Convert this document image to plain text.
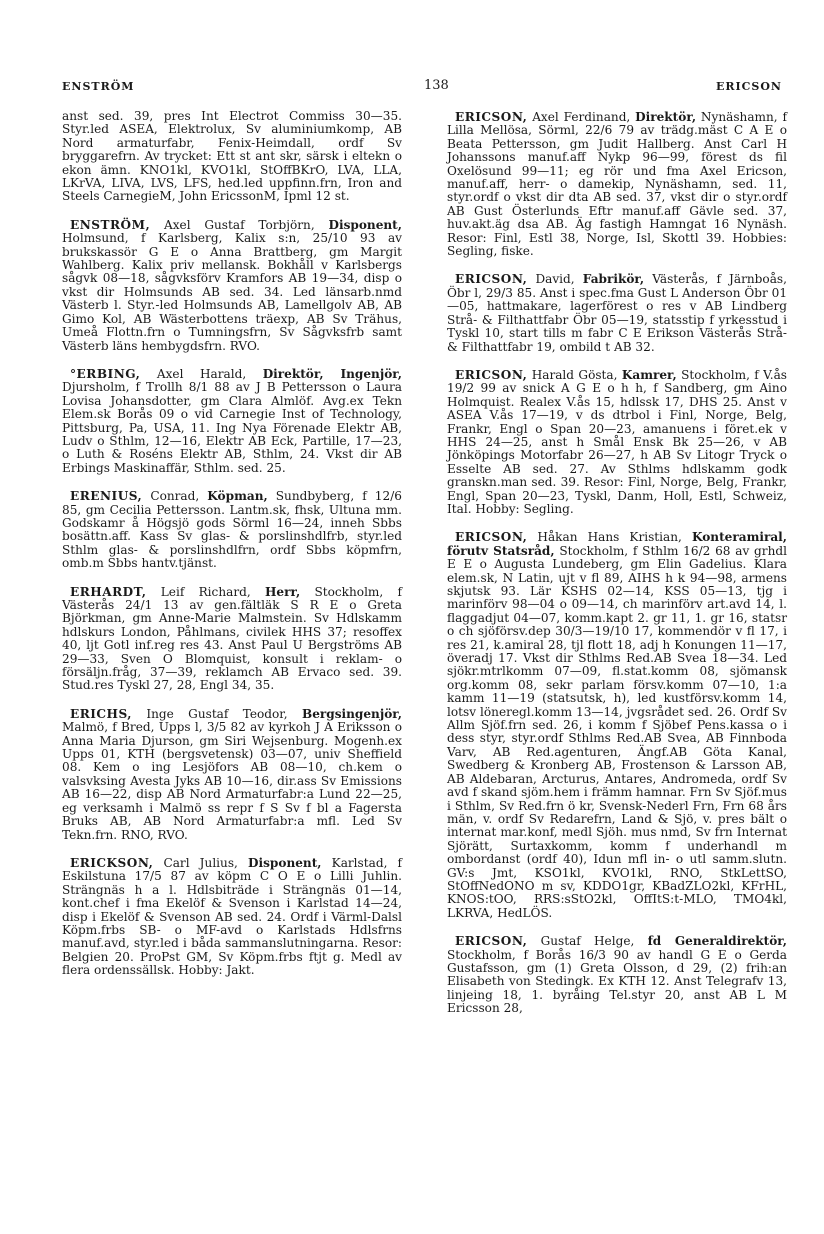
ENSTRÖM	138	ERICSON

anst sed. 39, pres Int Electrot Commiss 30—35. Styr.led ASEA, Elektrolux, Sv aluminiumkomp, AB Nord armaturfabr, Fenix-Heimdall, ordf Sv bryggarefrn. Av trycket: Ett st ant skr, särsk i eltekn o ekon ämn. KNO1kl, KVO1kl, StOffBKrO, LVA, LLA, LKrVA, LIVA, LVS, LFS, hed.led uppfinn.frn, Iron and Steels CarnegieM, John EricssonM, Ipml 12 st.

ENSTRÖM, Axel Gustaf Torbjörn, Disponent, Holmsund, f Karlsberg, Kalix s:n, 25/10 93 av brukskassör G E o Anna Brattberg, gm Margit Wahlberg. Kalix priv mellansk. Bokhåll v Karlsbergs sågvk 08—18, sågvksförv Kramfors AB 19—34, disp o vkst dir Holmsunds AB sed. 34. Led länsarb.nmd Västerb l. Styr.-led Holmsunds AB, Lamellgolv AB, AB Gimo Kol, AB Wästerbottens träexp, AB Sv Trähus, Umeå Flottn.frn o Tumningsfrn, Sv Sågvksfrb samt Västerb läns hembygdsfrn. RVO.

°ERBING, Axel Harald, Direktör, Ingenjör, Djursholm, f Trollh 8/1 88 av J B Pettersson o Laura Lovisa Johansdotter, gm Clara Almlöf. Avg.ex Tekn Elem.sk Borås 09 o vid Carnegie Inst of Technology, Pittsburg, Pa, USA, 11. Ing Nya Förenade Elektr AB, Ludv o Sthlm, 12—16, Elektr AB Eck, Partille, 17—23, o Luth & Roséns Elektr AB, Sthlm, 24. Vkst dir AB Erbings Maskinaffär, Sthlm. sed. 25.

ERENIUS, Conrad, Köpman, Sundbyberg, f 12/6 85, gm Cecilia Pettersson. Lantm.sk, fhsk, Ultuna mm. Godskamr å Högsjö gods Sörml 16—24, inneh Sbbs bosättn.aff. Kass Sv glas- & porslinshdlfrb, styr.led Sthlm glas- & porslinshdlfrn, ordf Sbbs köpmfrn, omb.m Sbbs hantv.tjänst.

ERHARDT, Leif Richard, Herr, Stockholm, f Västerås 24/1 13 av gen.fältläk S R E o Greta Björkman, gm Anne-Marie Malmstein. Sv Hdlskamm hdlskurs London, Påhlmans, civilek HHS 37; resoffex 40, ljt Gotl inf.reg res 43. Anst Paul U Bergströms AB 29—33, Sven O Blomquist, konsult i reklam- o försäljn.fråg, 37—39, reklamch AB Ervaco sed. 39. Stud.res Tyskl 27, 28, Engl 34, 35.

ERICHS, Inge Gustaf Teodor, Bergsingenjör, Malmö, f Bred, Upps l, 3/5 82 av kyrkoh J A Eriksson o Anna Maria Djurson, gm Siri Wejsenburg. Mogenh.ex Upps 01, KTH (bergsvetensk) 03—07, univ Sheffield 08. Kem o ing Lesjöfors AB 08—10, ch.kem o valsvksing Avesta Jyks AB 10—16, dir.ass Sv Emissions AB 16—22, disp AB Nord Armaturfabr:a Lund 22—25, eg verksamh i Malmö ss repr f S Sv f bl a Fagersta Bruks AB, AB Nord Armaturfabr:a mfl. Led Sv Tekn.frn. RNO, RVO.

ERICKSON, Carl Julius, Disponent, Karlstad, f Eskilstuna 17/5 87 av köpm C O E o Lilli Juhlin. Strängnäs h a l. Hdlsbiträde i Strängnäs 01—14, kont.chef i fma Ekelöf & Svenson i Karlstad 14—24, disp i Ekelöf & Svenson AB sed. 24. Ordf i Värml-Dalsl Köpm.frbs SB- o MF-avd o Karlstads Hdlsfrns manuf.avd, styr.led i båda sammanslutningarna. Resor: Belgien 20. ProPst GM, Sv Köpm.frbs ftjt g. Medl av flera ordenssällsk. Hobby: Jakt.

ERICSON, Axel Ferdinand, Direktör, Nynäshamn, f Lilla Mellösa, Sörml, 22/6 79 av trädg.mäst C A E o Beata Pettersson, gm Judit Hallberg. Anst Carl H Johanssons manuf.aff Nykp 96—99, förest ds fil Oxelösund 99—11; eg rör und fma Axel Ericson, manuf.aff, herr- o damekip, Nynäshamn, sed. 11, styr.ordf o vkst dir dta AB sed. 37, vkst dir o styr.ordf AB Gust Österlunds Eftr manuf.aff Gävle sed. 37, huv.akt.äg dsa AB. Äg fastigh Hamngat 16 Nynäsh. Resor: Finl, Estl 38, Norge, Isl, Skottl 39. Hobbies: Segling, fiske.

ERICSON, David, Fabrikör, Västerås, f Järnboås, Öbr l, 29/3 85. Anst i spec.fma Gust L Anderson Öbr 01—05, hattmakare, lagerförest o res v AB Lindberg Strå- & Filthattfabr Öbr 05—19, statsstip f yrkesstud i Tyskl 10, start tills m fabr C E Erikson Västerås Strå- & Filthattfabr 19, ombild t AB 32.

ERICSON, Harald Gösta, Kamrer, Stockholm, f V.ås 19/2 99 av snick A G E o h h, f Sandberg, gm Aino Holmquist. Realex V.ås 15, hdlssk 17, DHS 25. Anst v ASEA V.ås 17—19, v ds dtrbol i Finl, Norge, Belg, Frankr, Engl o Span 20—23, amanuens i föret.ek v HHS 24—25, anst h Smål Ensk Bk 25—26, v AB Jönköpings Motorfabr 26—27, h AB Sv Litogr Tryck o Esselte AB sed. 27. Av Sthlms hdlskamm godk granskn.man sed. 39. Resor: Finl, Norge, Belg, Frankr, Engl, Span 20—23, Tyskl, Danm, Holl, Estl, Schweiz, Ital. Hobby: Segling.

ERICSON, Håkan Hans Kristian, Konteramiral, förutv Statsråd, Stockholm, f Sthlm 16/2 68 av grhdl E E o Augusta Lundeberg, gm Elin Gadelius. Klara elem.sk, N Latin, ujt v fl 89, AIHS h k 94—98, armens skjutsk 93. Lär KSHS 02—14, KSS 05—13, tjg i marinförv 98—04 o 09—14, ch marinförv art.avd 14, l. flaggadjut 04—07, komm.kapt 2. gr 11, 1. gr 16, statsr o ch sjöförsv.dep 30/3—19/10 17, kommendör v fl 17, i res 21, k.amiral 28, tjl flott 18, adj h Konungen 11—17, överadj 17. Vkst dir Sthlms Red.AB Svea 18—34. Led sjökr.mtrlkomm 07—09, fl.stat.komm 08, sjömansk org.komm 08, sekr parlam försv.komm 07—10, 1:a kamm 11—19 (statsutsk, h), led kustförsv.komm 14, lotsv löneregl.komm 13—14, jvgsrådet sed. 26. Ordf Sv Allm Sjöf.frn sed. 26, i komm f Sjöbef Pens.kassa o i dess styr, styr.ordf Sthlms Red.AB Svea, AB Finnboda Varv, AB Red.agenturen, Ängf.AB Göta Kanal, Swedberg & Kronberg AB, Frostenson & Larsson AB, AB Aldebaran, Arcturus, Antares, Andromeda, ordf Sv avd f skand sjöm.hem i främm hamnar. Frn Sv Sjöf.mus i Sthlm, Sv Red.frn ö kr, Svensk-Nederl Frn, Frn 68 års män, v. ordf Sv Redarefrn, Land & Sjö, v. pres bält o internat mar.konf, medl Sjöh. mus nmd, Sv frn Internat Sjörätt, Surtaxkomm, komm f underhandl m ombordanst (ordf 40), Idun mfl in- o utl samm.slutn. GV:s Jmt, KSO1kl, KVO1kl, RNO, StkLettSO, StOffNedONO m sv, KDDO1gr, KBadZLO2kl, KFrHL, KNOS:tOO, RRS:sStO2kl, OffItS:t-MLO, TMO4kl, LKRVA, HedLÖS.

ERICSON, Gustaf Helge, fd Generaldirektör, Stockholm, f Borås 16/3 90 av handl G E o Gerda Gustafsson, gm (1) Greta Olsson, d 29, (2) frih:an Elisabeth von Stedingk. Ex KTH 12. Anst Telegrafv 13, linjeing 18, 1. byråing Tel.styr 20, anst AB L M Ericsson 28,
